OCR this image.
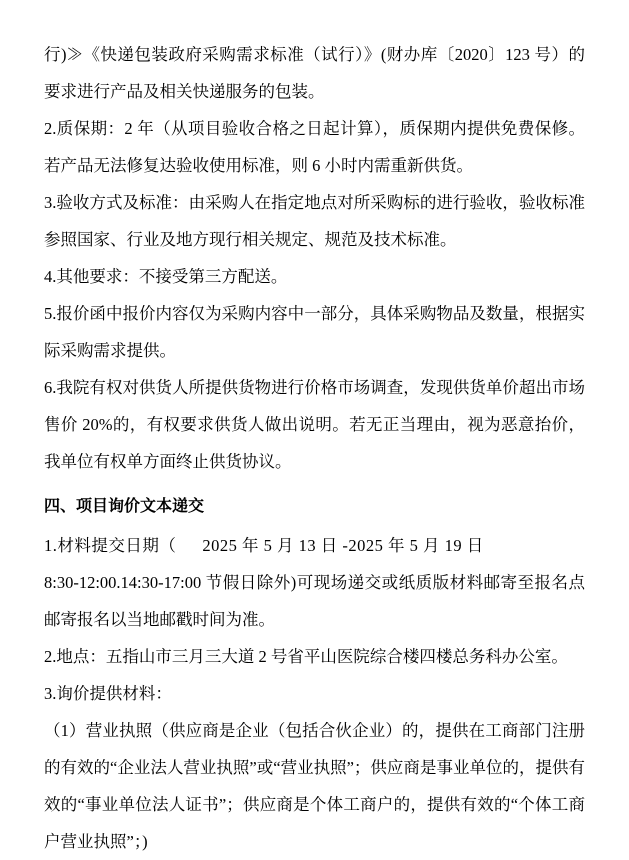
行)≫《快递包装政府采购需求标准（试行）》(财办库〔2020〕123 号）的要求进行产品及相关快递服务的包装。

2.质保期：2 年（从项目验收合格之日起计算），质保期内提供免费保修。若产品无法修复达验收使用标准，则 6 小时内需重新供货。

3.验收方式及标准：由采购人在指定地点对所采购标的进行验收，验收标准参照国家、行业及地方现行相关规定、规范及技术标准。

4.其他要求：不接受第三方配送。

5.报价函中报价内容仅为采购内容中一部分，具体采购物品及数量，根据实际采购需求提供。

6.我院有权对供货人所提供货物进行价格市场调查，发现供货单价超出市场售价 20%的，有权要求供货人做出说明。若无正当理由，视为恶意抬价，我单位有权单方面终止供货协议。

四、项目询价文本递交

1.材料提交日期（ 2025 年 5 月 13 日 -2025 年 5 月 19 日

8:30-12:00.14:30-17:00 节假日除外)可现场递交或纸质版材料邮寄至报名点邮寄报名以当地邮戳时间为准。

2.地点：五指山市三月三大道 2 号省平山医院综合楼四楼总务科办公室。

3.询价提供材料：

（1）营业执照（供应商是企业（包括合伙企业）的，提供在工商部门注册的有效的“企业法人营业执照”或“营业执照”；供应商是事业单位的，提供有效的“事业单位法人证书”；供应商是个体工商户的，提供有效的“个体工商户营业执照”；)
